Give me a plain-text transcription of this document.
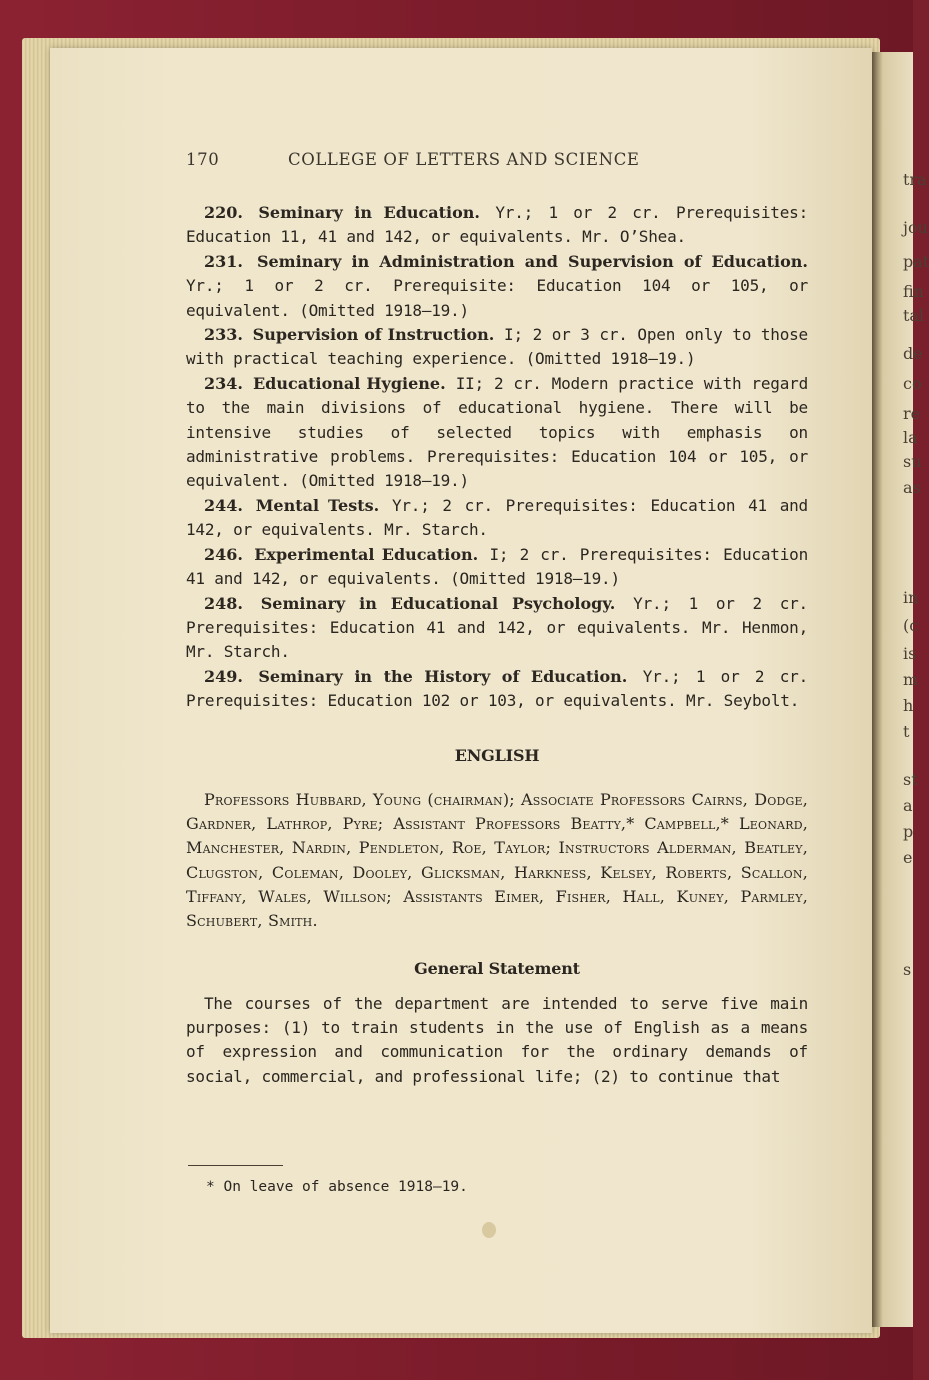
tra
jou
pat
fin
tal
de
co
re
la
su
as
in
(c
is
m
h
t
st
a
p
e
s
170	COLLEGE OF LETTERS AND SCIENCE

220. Seminary in Education. Yr.; 1 or 2 cr. Prerequisites: Education 11, 41 and 142, or equivalents. Mr. O’Shea.

231. Seminary in Administration and Supervision of Education. Yr.; 1 or 2 cr. Prerequisite: Education 104 or 105, or equivalent. (Omitted 1918–19.)

233. Supervision of Instruction. I; 2 or 3 cr. Open only to those with practical teaching experience. (Omitted 1918–19.)

234. Educational Hygiene. II; 2 cr. Modern practice with regard to the main divisions of educational hygiene. There will be intensive studies of selected topics with emphasis on administrative problems. Prerequisites: Education 104 or 105, or equivalent. (Omitted 1918–19.)

244. Mental Tests. Yr.; 2 cr. Prerequisites: Education 41 and 142, or equivalents. Mr. Starch.

246. Experimental Education. I; 2 cr. Prerequisites: Education 41 and 142, or equivalents. (Omitted 1918–19.)

248. Seminary in Educational Psychology. Yr.; 1 or 2 cr. Prerequisites: Education 41 and 142, or equivalents. Mr. Henmon, Mr. Starch.

249. Seminary in the History of Education. Yr.; 1 or 2 cr. Prerequisites: Education 102 or 103, or equivalents. Mr. Seybolt.

ENGLISH

Professors Hubbard, Young (chairman); Associate Professors Cairns, Dodge, Gardner, Lathrop, Pyre; Assistant Professors Beatty,* Campbell,* Leonard, Manchester, Nardin, Pendleton, Roe, Taylor; Instructors Alderman, Beatley, Clugston, Coleman, Dooley, Glicksman, Harkness, Kelsey, Roberts, Scallon, Tiffany, Wales, Willson; Assistants Eimer, Fisher, Hall, Kuney, Parmley, Schubert, Smith.

General Statement

The courses of the department are intended to serve five main purposes: (1) to train students in the use of English as a means of expression and communication for the ordinary demands of social, commercial, and professional life; (2) to continue that

* On leave of absence 1918–19.
